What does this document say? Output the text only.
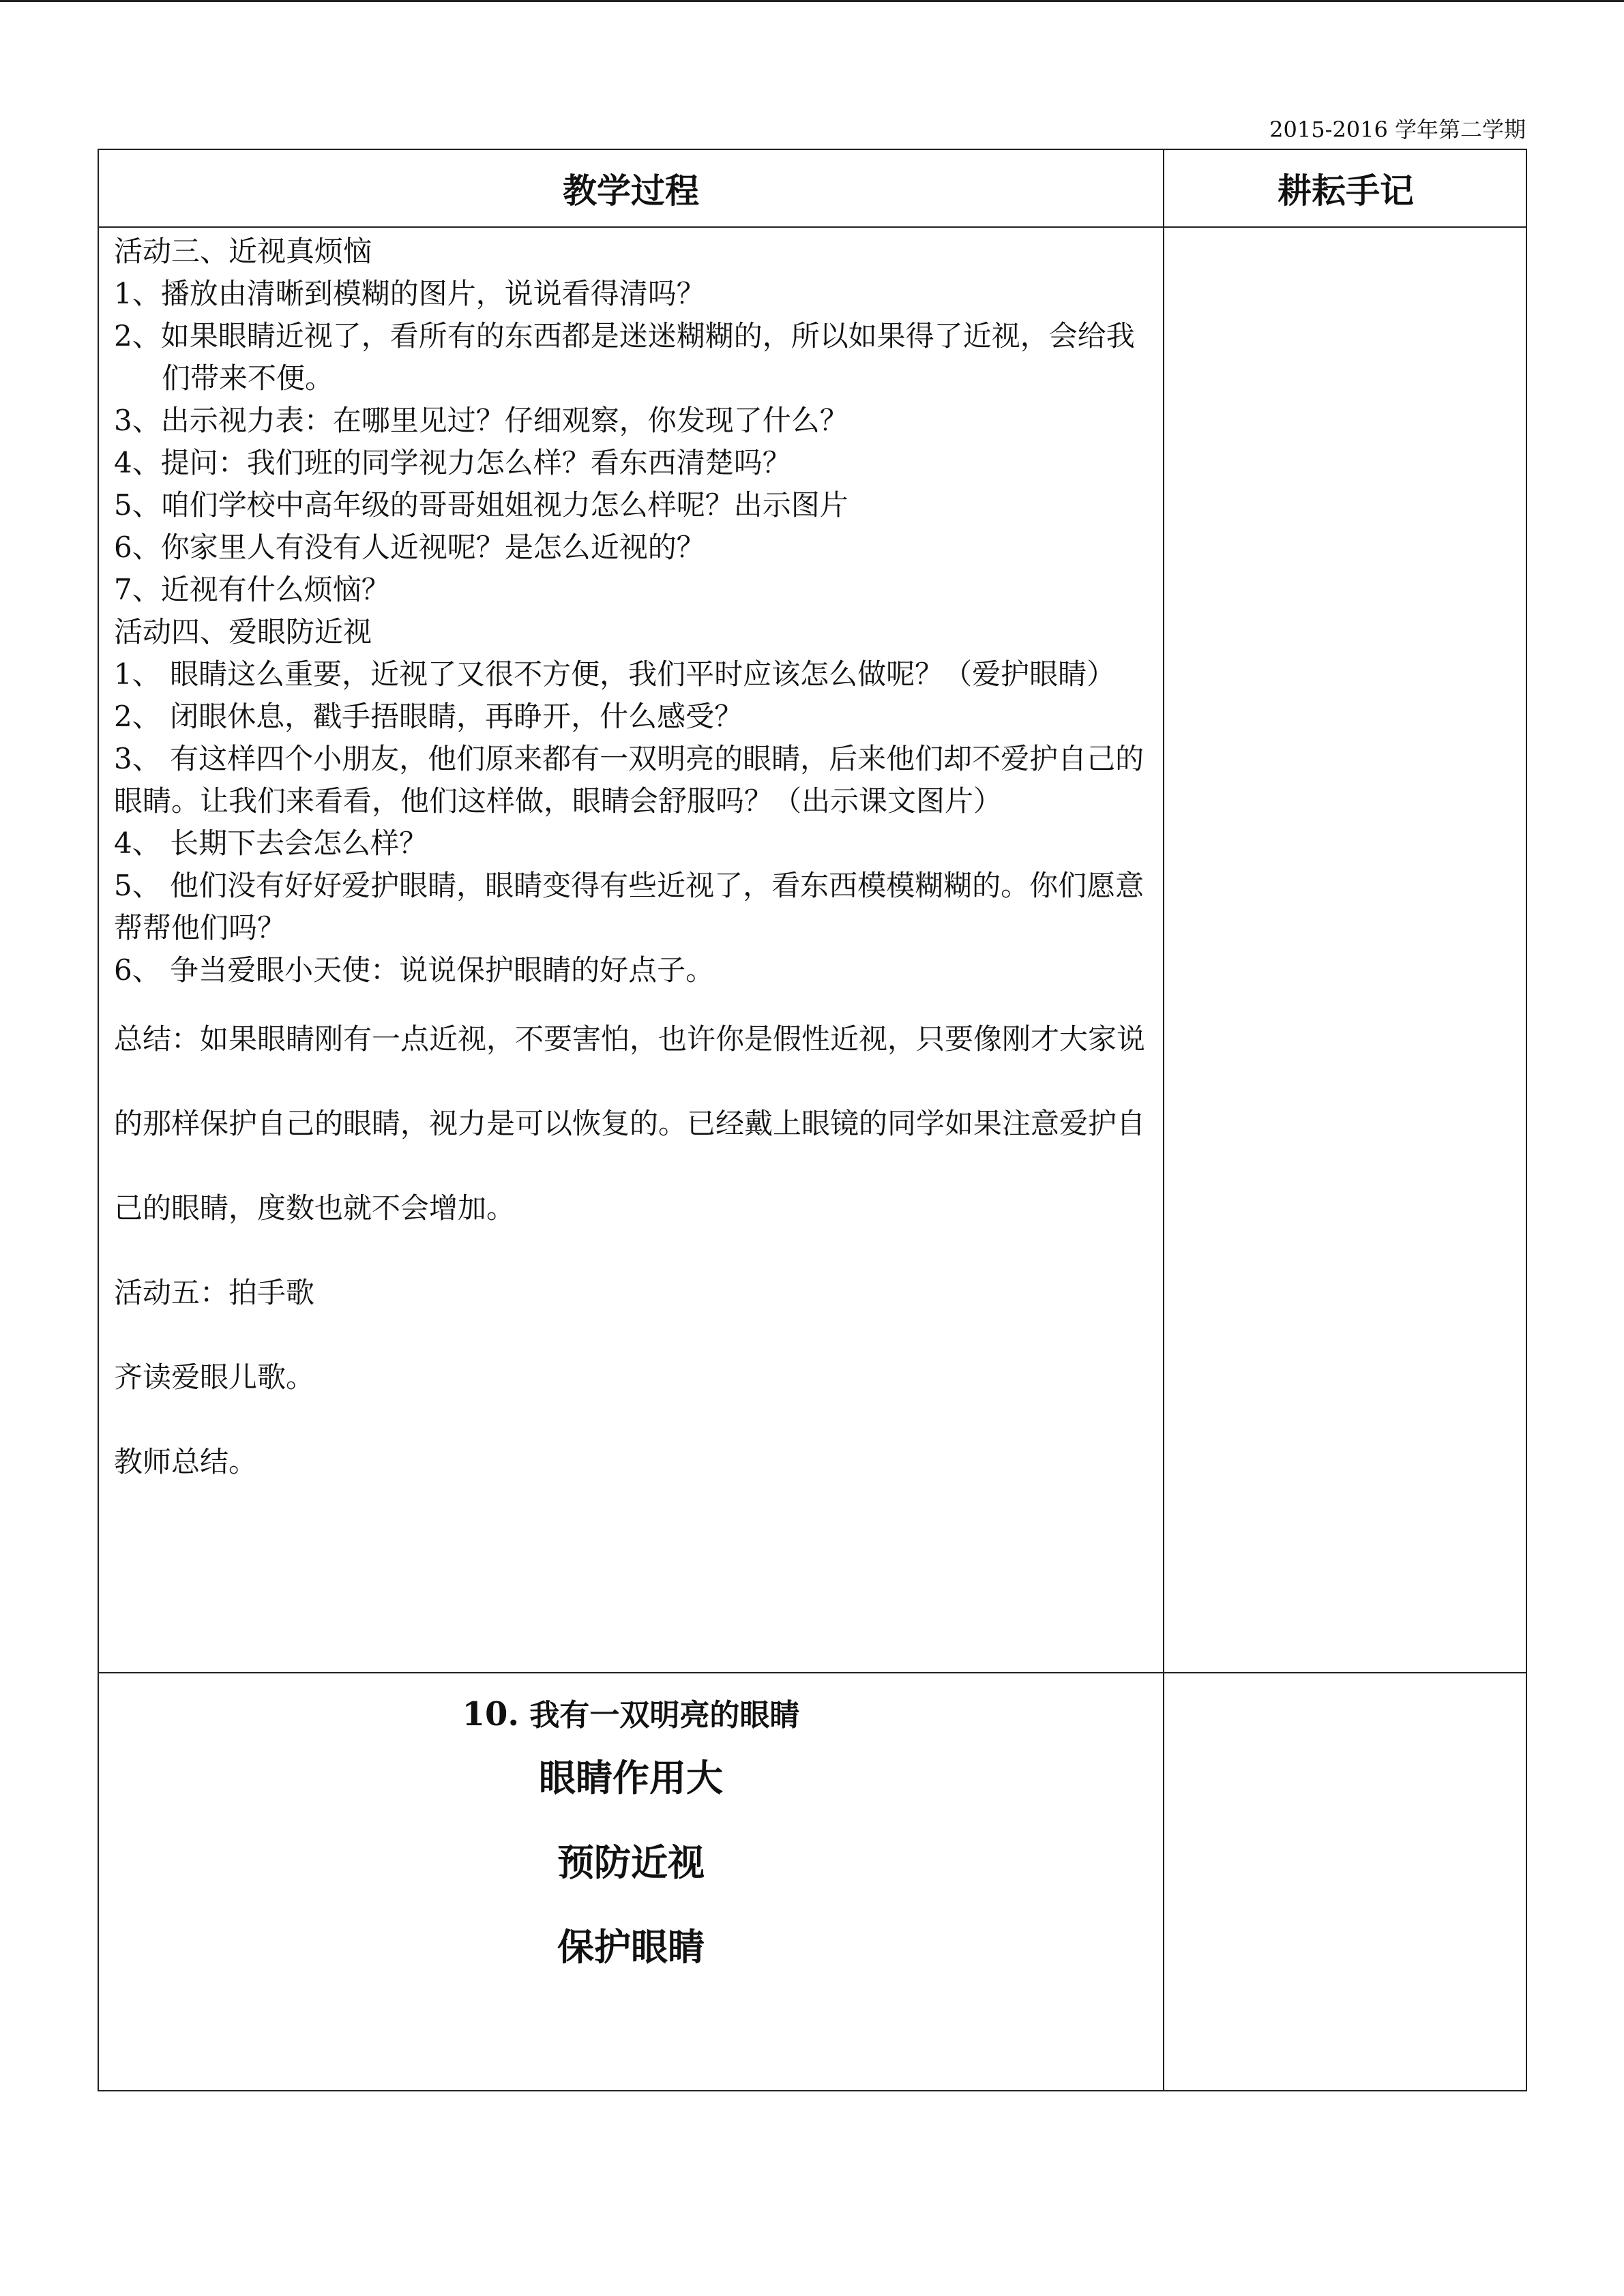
2015-2016 学年第二学期
教学过程	耕耘手记

活动三、近视真烦恼

1、播放由清晰到模糊的图片，说说看得清吗？

2、如果眼睛近视了，看所有的东西都是迷迷糊糊的，所以如果得了近视，会给我们带来不便。

3、出示视力表：在哪里见过？仔细观察，你发现了什么？

4、提问：我们班的同学视力怎么样？看东西清楚吗？

5、咱们学校中高年级的哥哥姐姐视力怎么样呢？出示图片

6、你家里人有没有人近视呢？是怎么近视的？

7、近视有什么烦恼？

活动四、爱眼防近视

1、 眼睛这么重要，近视了又很不方便，我们平时应该怎么做呢？（爱护眼睛）

2、 闭眼休息，戳手捂眼睛，再睁开，什么感受？

3、 有这样四个小朋友，他们原来都有一双明亮的眼睛，后来他们却不爱护自己的眼睛。让我们来看看，他们这样做，眼睛会舒服吗？（出示课文图片）

4、 长期下去会怎么样？

5、 他们没有好好爱护眼睛，眼睛变得有些近视了，看东西模模糊糊的。你们愿意帮帮他们吗？

6、 争当爱眼小天使：说说保护眼睛的好点子。

总结：如果眼睛刚有一点近视，不要害怕，也许你是假性近视，只要像刚才大家说的那样保护自己的眼睛，视力是可以恢复的。已经戴上眼镜的同学如果注意爱护自己的眼睛，度数也就不会增加。

活动五：拍手歌

齐读爱眼儿歌。

教师总结。

10. 我有一双明亮的眼睛
眼睛作用大
预防近视
保护眼睛
